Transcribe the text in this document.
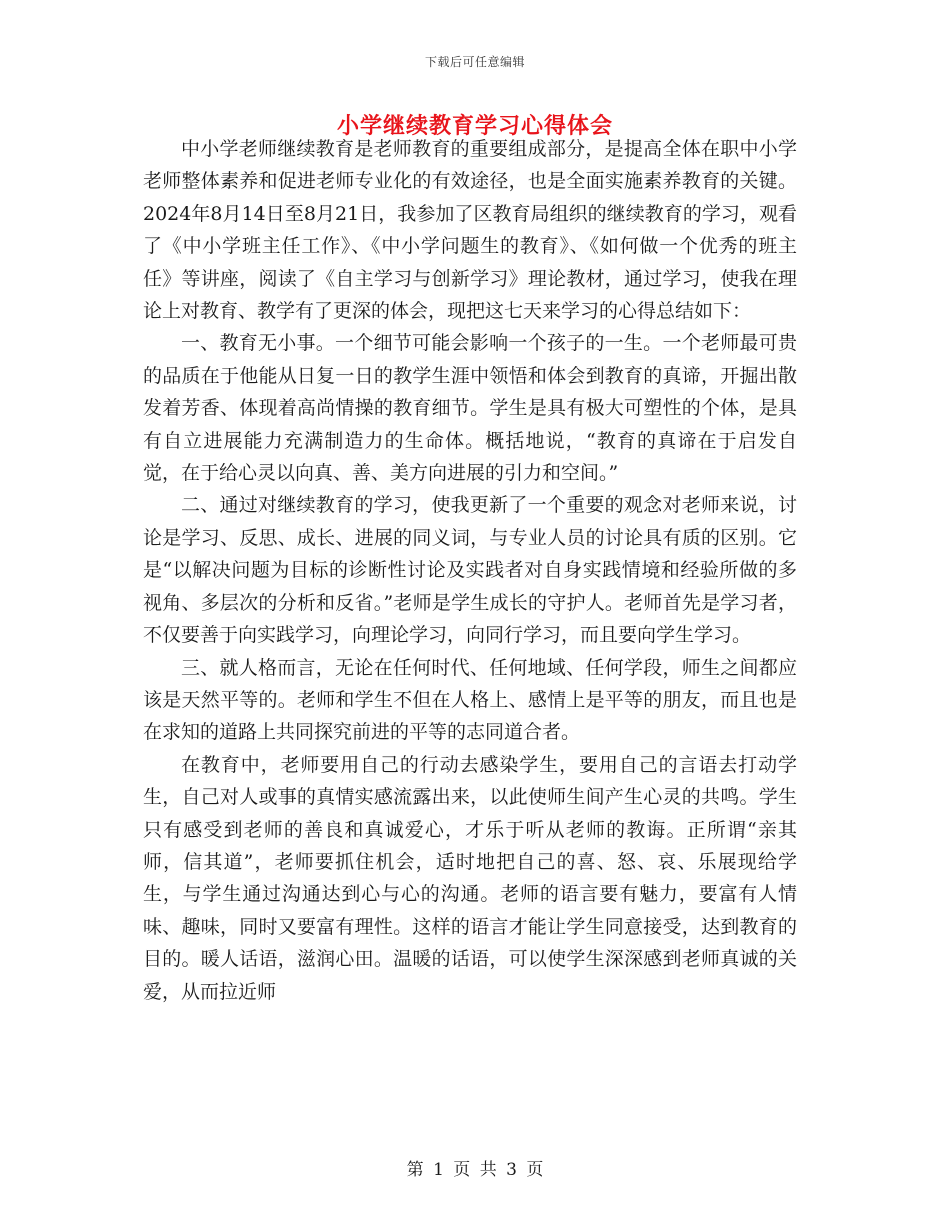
下载后可任意编辑
小学继续教育学习心得体会

中小学老师继续教育是老师教育的重要组成部分，是提高全体在职中小学老师整体素养和促进老师专业化的有效途径，也是全面实施素养教育的关键。2024年8月14日至8月21日，我参加了区教育局组织的继续教育的学习，观看了《中小学班主任工作》、《中小学问题生的教育》、《如何做一个优秀的班主任》等讲座，阅读了《自主学习与创新学习》理论教材，通过学习，使我在理论上对教育、教学有了更深的体会，现把这七天来学习的心得总结如下：

一、教育无小事。一个细节可能会影响一个孩子的一生。一个老师最可贵的品质在于他能从日复一日的教学生涯中领悟和体会到教育的真谛，开掘出散发着芳香、体现着高尚情操的教育细节。学生是具有极大可塑性的个体，是具有自立进展能力充满制造力的生命体。概括地说，“教育的真谛在于启发自觉，在于给心灵以向真、善、美方向进展的引力和空间。”

二、通过对继续教育的学习，使我更新了一个重要的观念对老师来说，讨论是学习、反思、成长、进展的同义词，与专业人员的讨论具有质的区别。它是“以解决问题为目标的诊断性讨论及实践者对自身实践情境和经验所做的多视角、多层次的分析和反省。”老师是学生成长的守护人。老师首先是学习者，不仅要善于向实践学习，向理论学习，向同行学习，而且要向学生学习。

三、就人格而言，无论在任何时代、任何地域、任何学段，师生之间都应该是天然平等的。老师和学生不但在人格上、感情上是平等的朋友，而且也是在求知的道路上共同探究前进的平等的志同道合者。

在教育中，老师要用自己的行动去感染学生，要用自己的言语去打动学生，自己对人或事的真情实感流露出来，以此使师生间产生心灵的共鸣。学生只有感受到老师的善良和真诚爱心，才乐于听从老师的教诲。正所谓“亲其师，信其道”，老师要抓住机会，适时地把自己的喜、怒、哀、乐展现给学生，与学生通过沟通达到心与心的沟通。老师的语言要有魅力，要富有人情味、趣味，同时又要富有理性。这样的语言才能让学生同意接受，达到教育的目的。暖人话语，滋润心田。温暖的话语，可以使学生深深感到老师真诚的关爱，从而拉近师

第 1 页 共 3 页
